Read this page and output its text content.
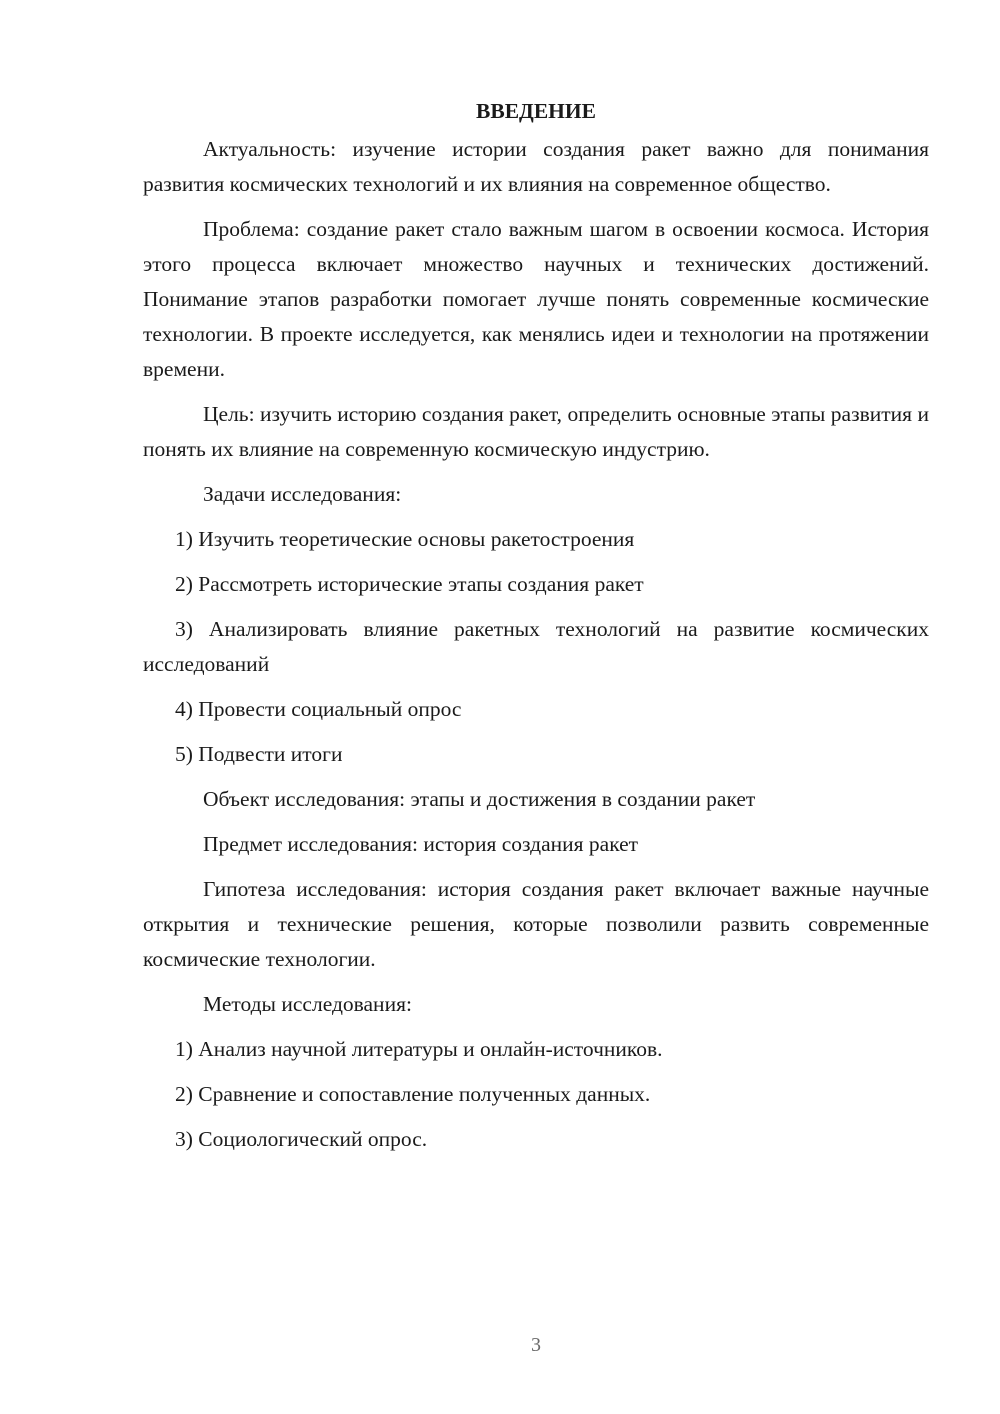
ВВЕДЕНИЕ

Актуальность: изучение истории создания ракет важно для понимания развития космических технологий и их влияния на современное общество.

Проблема: создание ракет стало важным шагом в освоении космоса. История этого процесса включает множество научных и технических достижений. Понимание этапов разработки помогает лучше понять современные космические технологии. В проекте исследуется, как менялись идеи и технологии на протяжении времени.

Цель: изучить историю создания ракет, определить основные этапы развития и понять их влияние на современную космическую индустрию.

Задачи исследования:

1) Изучить теоретические основы ракетостроения

2) Рассмотреть исторические этапы создания ракет

3) Анализировать влияние ракетных технологий на развитие космических исследований

4) Провести социальный опрос

5) Подвести итоги

Объект исследования: этапы и достижения в создании ракет

Предмет исследования: история создания ракет

Гипотеза исследования: история создания ракет включает важные научные открытия и технические решения, которые позволили развить современные космические технологии.

Методы исследования:

1) Анализ научной литературы и онлайн-источников.

2) Сравнение и сопоставление полученных данных.

3) Социологический опрос.

3
